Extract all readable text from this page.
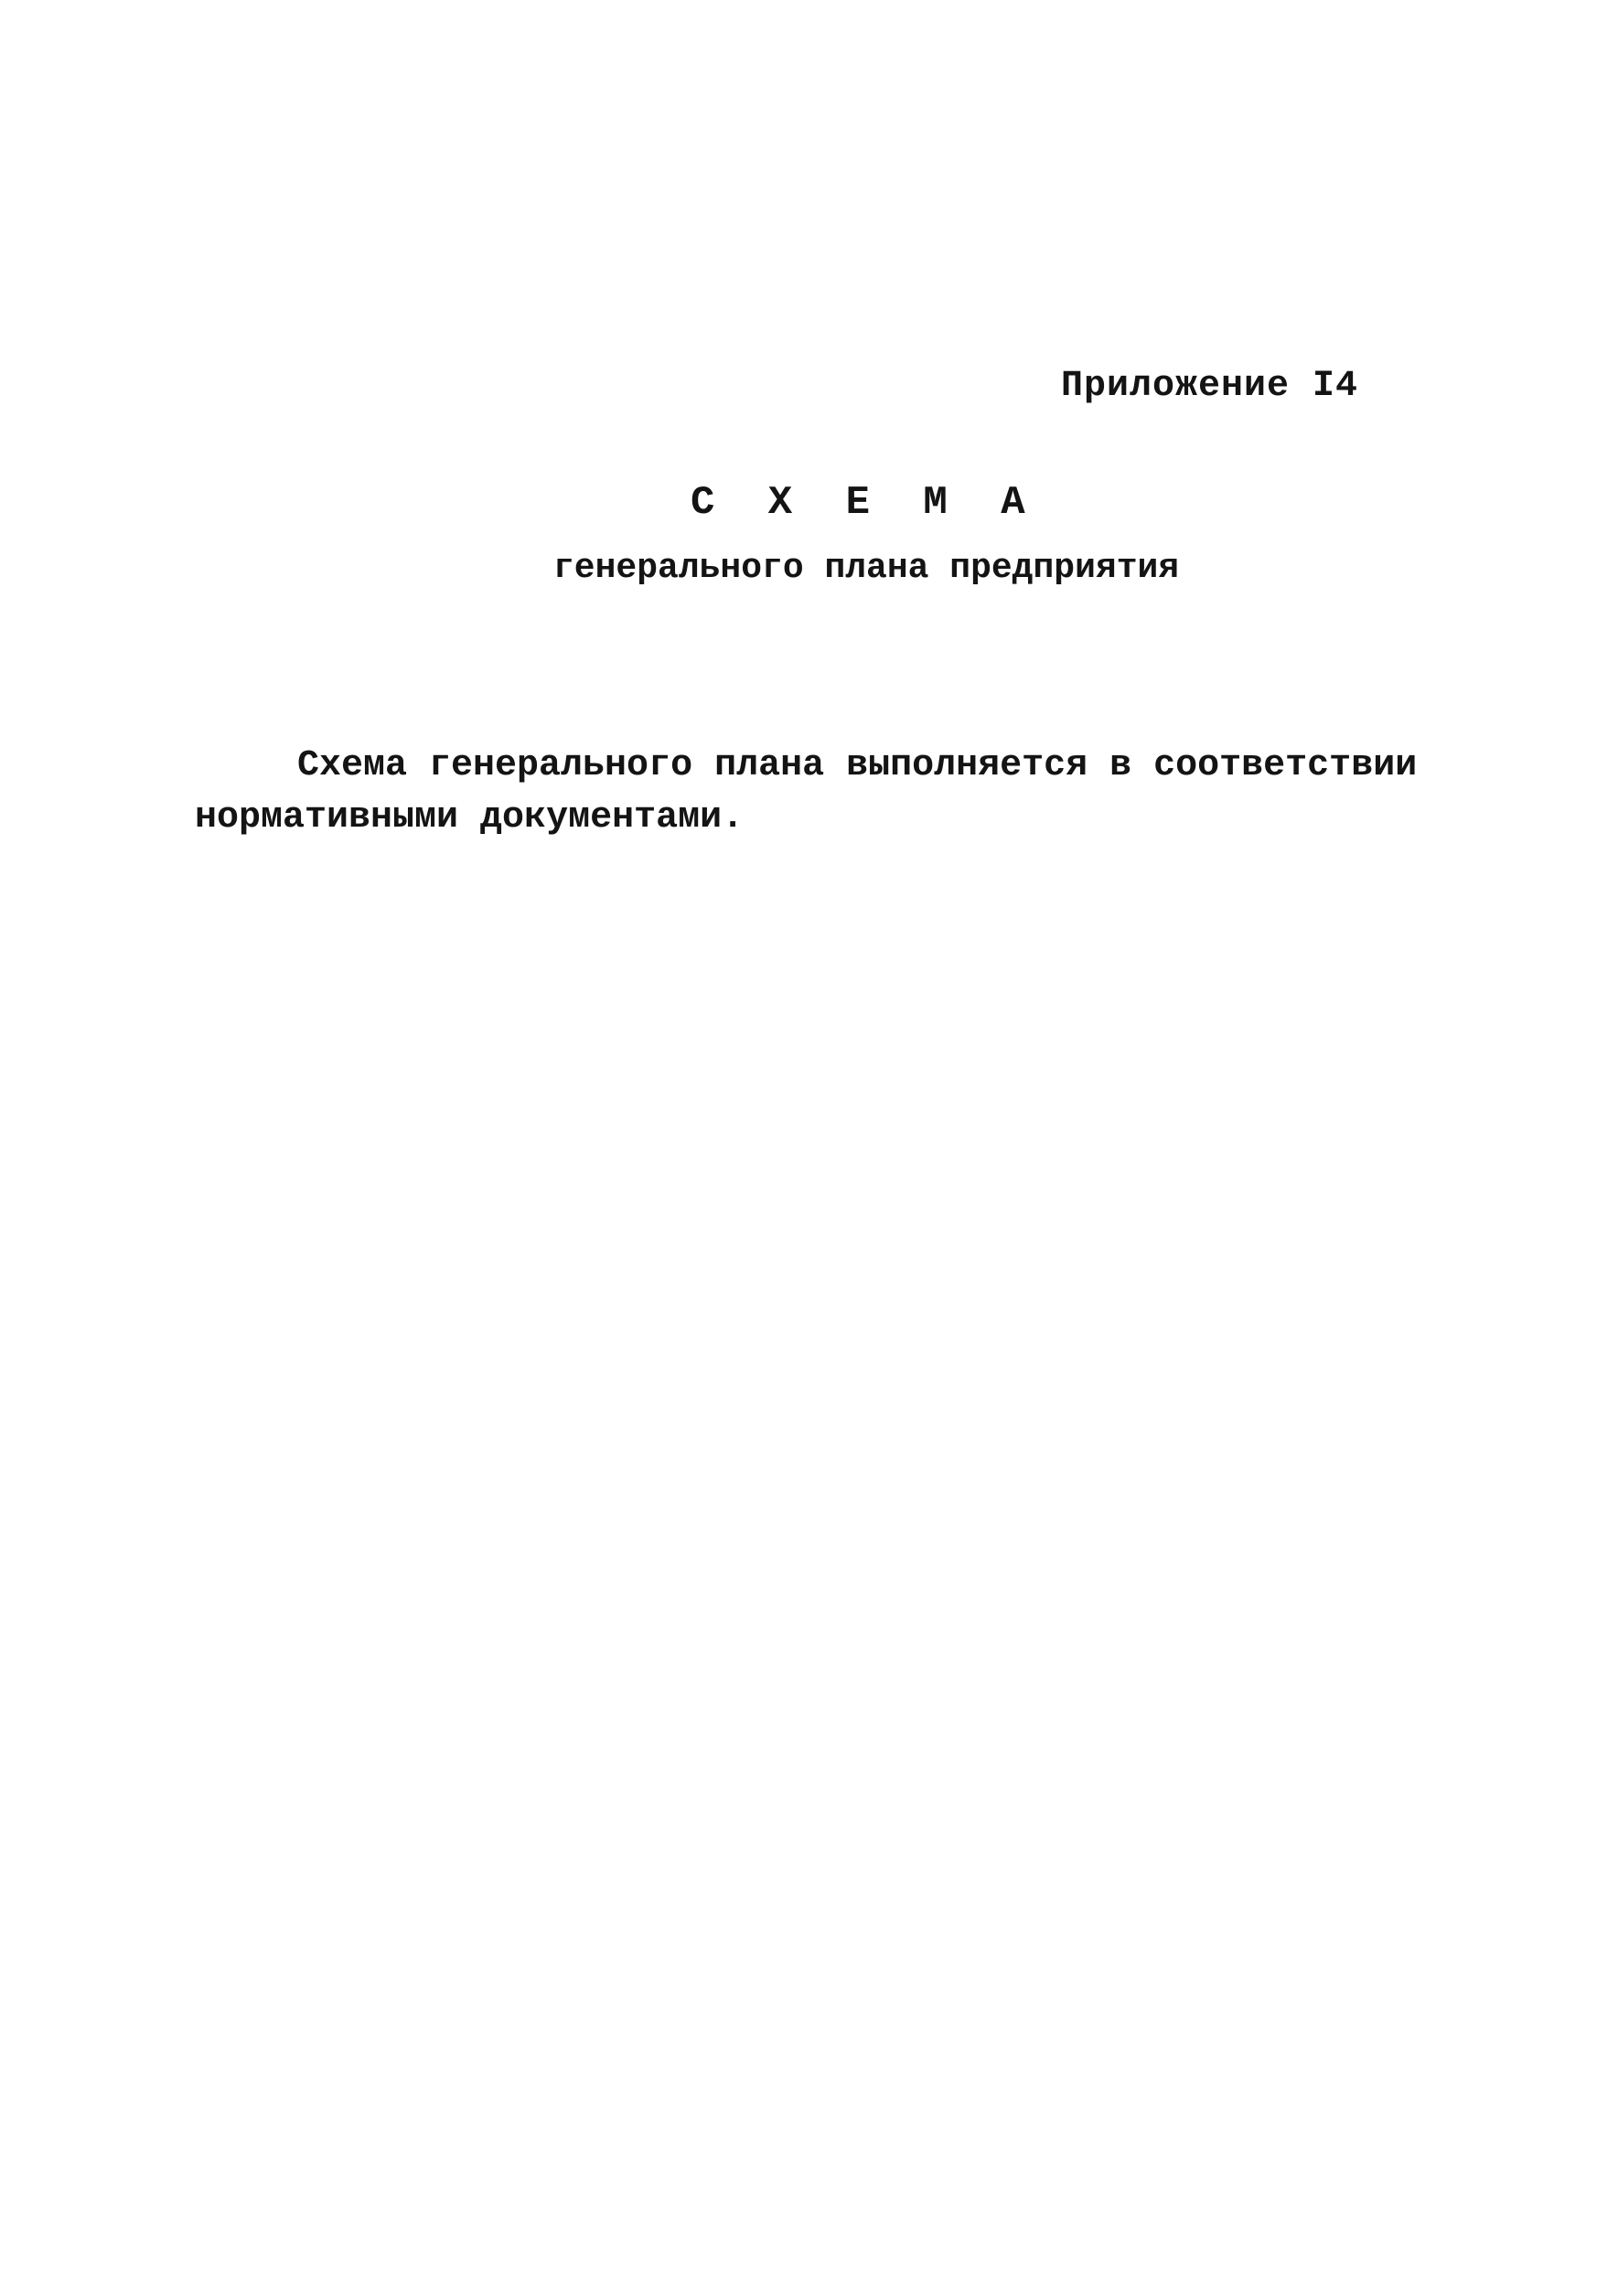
Приложение I4
С Х Е М А
генерального плана предприятия
Схема генерального плана выполняется в соответствии
нормативными документами.
